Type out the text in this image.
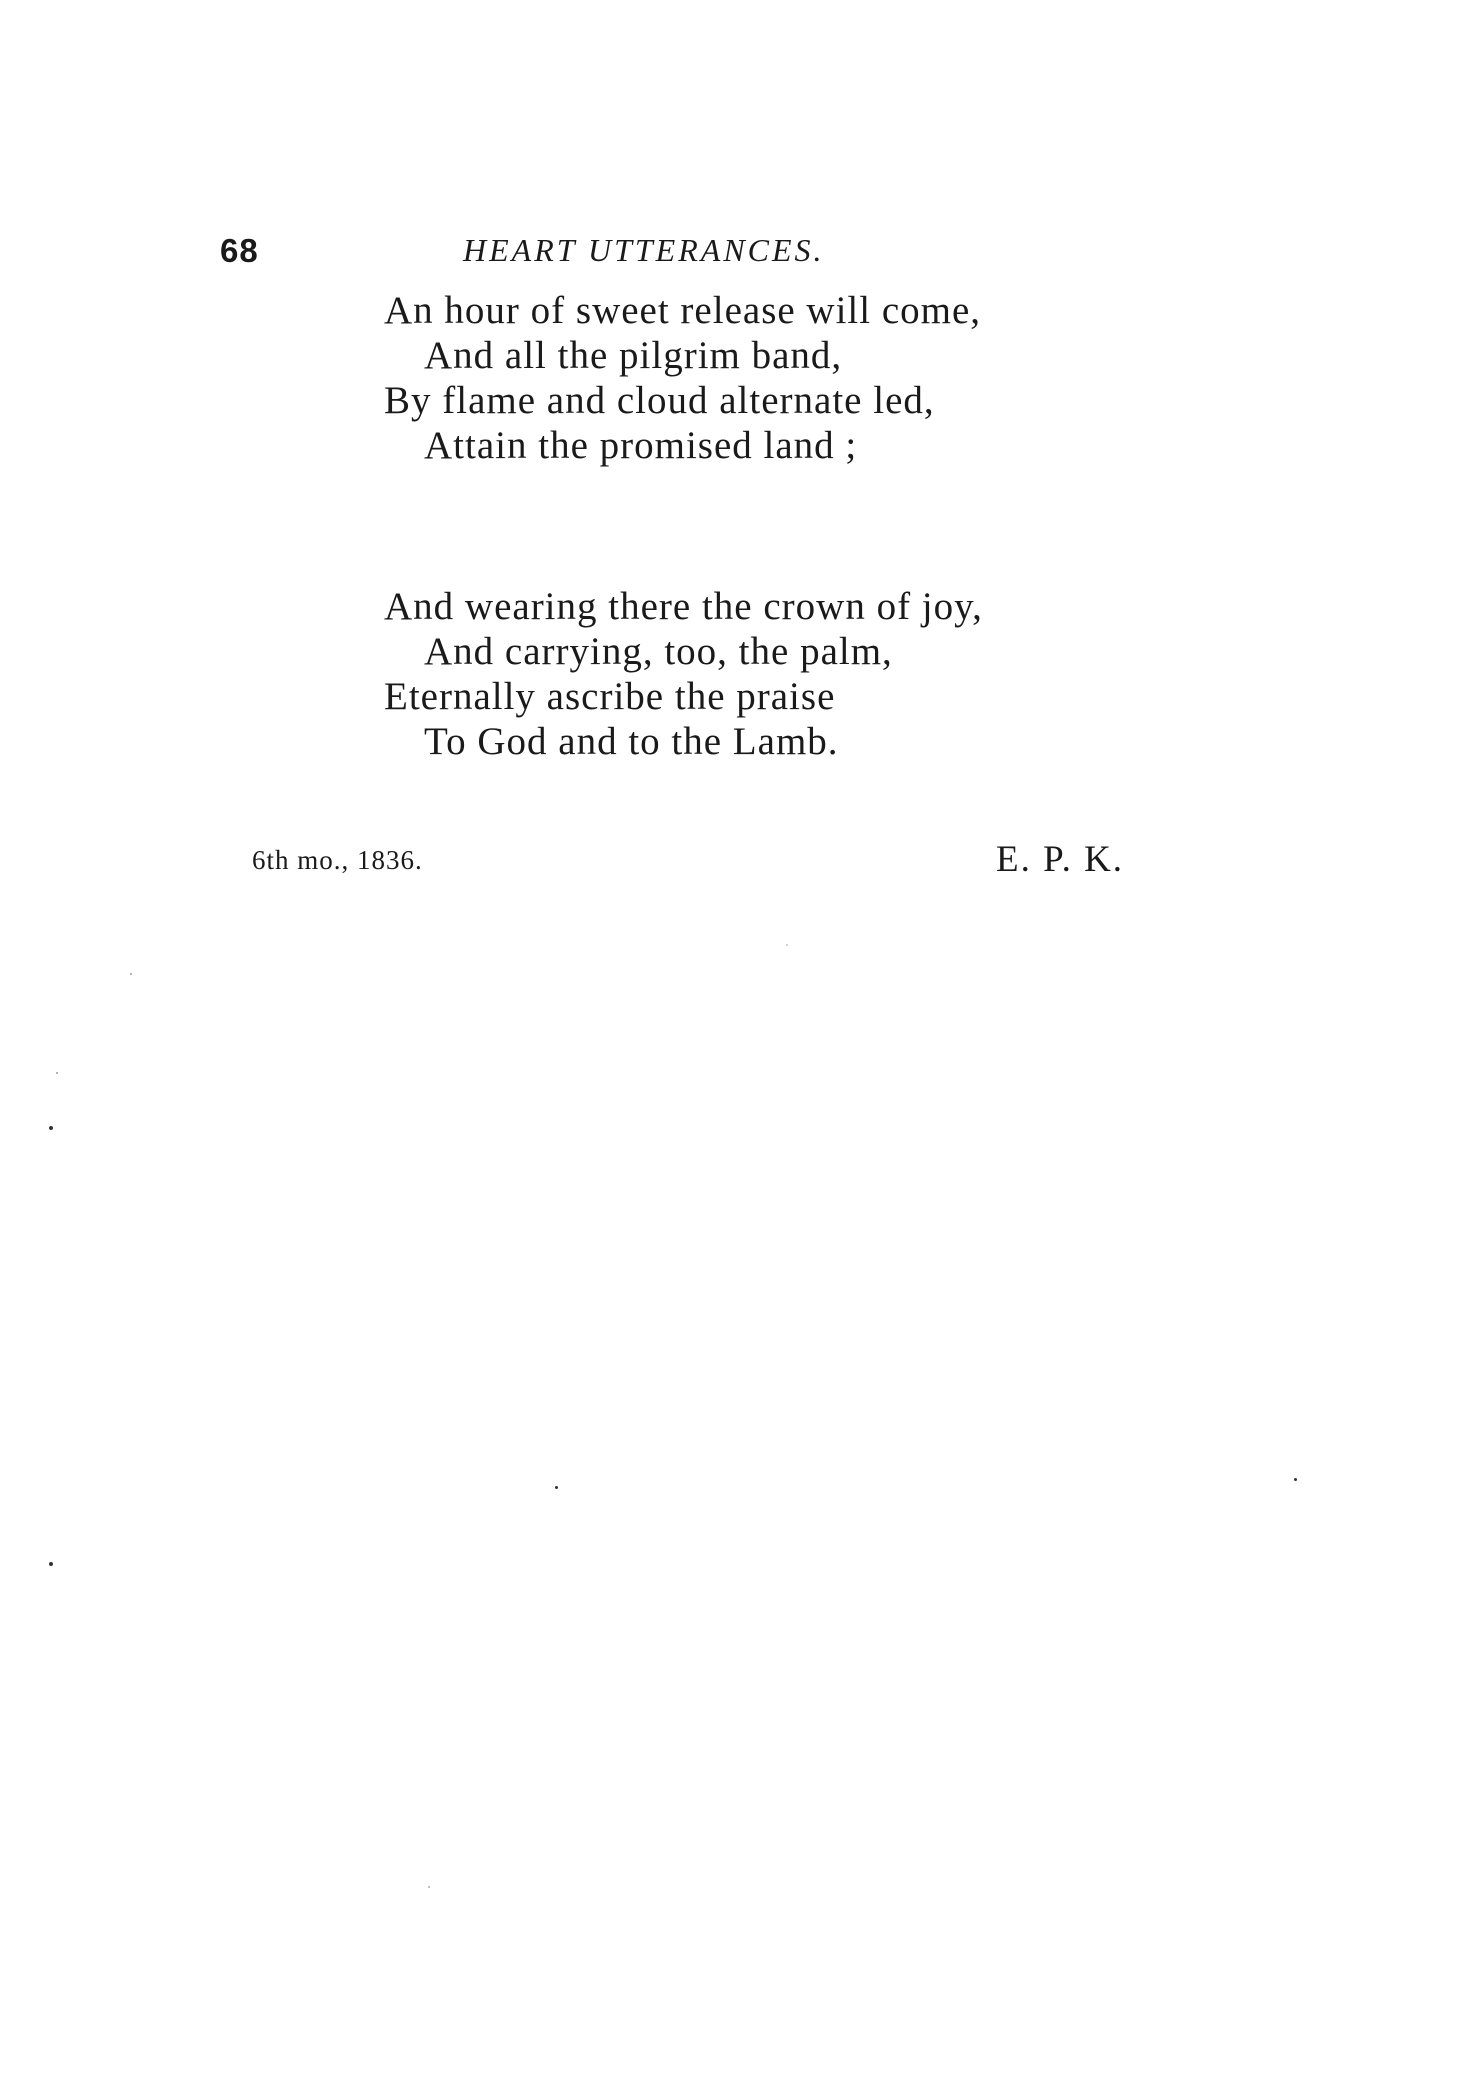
68	HEART UTTERANCES.
An hour of sweet release will come,
And all the pilgrim band,
By flame and cloud alternate led,
Attain the promised land ;
And wearing there the crown of joy,
And carrying, too, the palm,
Eternally ascribe the praise
To God and to the Lamb.
6th mo., 1836.	E. P. K.
